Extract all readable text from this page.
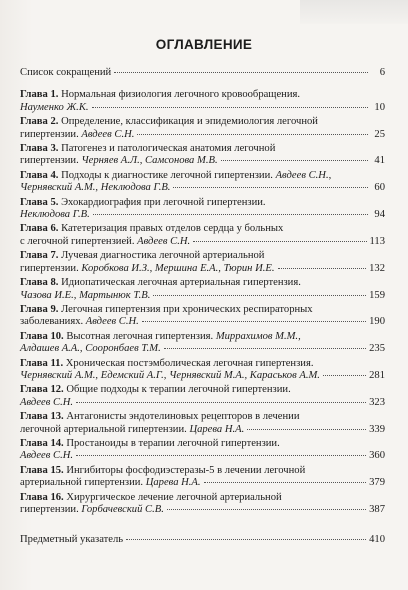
ОГЛАВЛЕНИЕ
Список сокращений	6
Глава 1. Нормальная физиология легочного кровообращения.
Науменко Ж.К.	10
Глава 2. Определение, классификация и эпидемиология легочной
гипертензии. Авдеев С.Н.	25
Глава 3. Патогенез и патологическая анатомия легочной
гипертензии. Черняев А.Л., Самсонова М.В.	41
Глава 4. Подходы к диагностике легочной гипертензии. Авдеев С.Н.,
Чернявский А.М., Неклюдова Г.В.	60
Глава 5. Эхокардиография при легочной гипертензии.
Неклюдова Г.В.	94
Глава 6. Катетеризация правых отделов сердца у больных
с легочной гипертензией. Авдеев С.Н.	113
Глава 7. Лучевая диагностика легочной артериальной
гипертензии. Коробкова И.З., Мершина Е.А., Тюрин И.Е.	132
Глава 8. Идиопатическая легочная артериальная гипертензия.
Чазова И.Е., Мартынюк Т.В.	159
Глава 9. Легочная гипертензия при хронических респираторных
заболеваниях. Авдеев С.Н.	190
Глава 10. Высотная легочная гипертензия. Миррахимов М.М.,
Алдашев А.А., Сооронбаев Т.М.	235
Глава 11. Хроническая постэмболическая легочная гипертензия.
Чернявский А.М., Едемский А.Г., Чернявский М.А., Караськов А.М.	281
Глава 12. Общие подходы к терапии легочной гипертензии.
Авдеев С.Н.	323
Глава 13. Антагонисты эндотелиновых рецепторов в лечении
легочной артериальной гипертензии. Царева Н.А.	339
Глава 14. Простаноиды в терапии легочной гипертензии.
Авдеев С.Н.	360
Глава 15. Ингибиторы фосфодиэстеразы-5 в лечении легочной
артериальной гипертензии. Царева Н.А.	379
Глава 16. Хирургическое лечение легочной артериальной
гипертензии. Горбачевский С.В.	387
Предметный указатель	410
